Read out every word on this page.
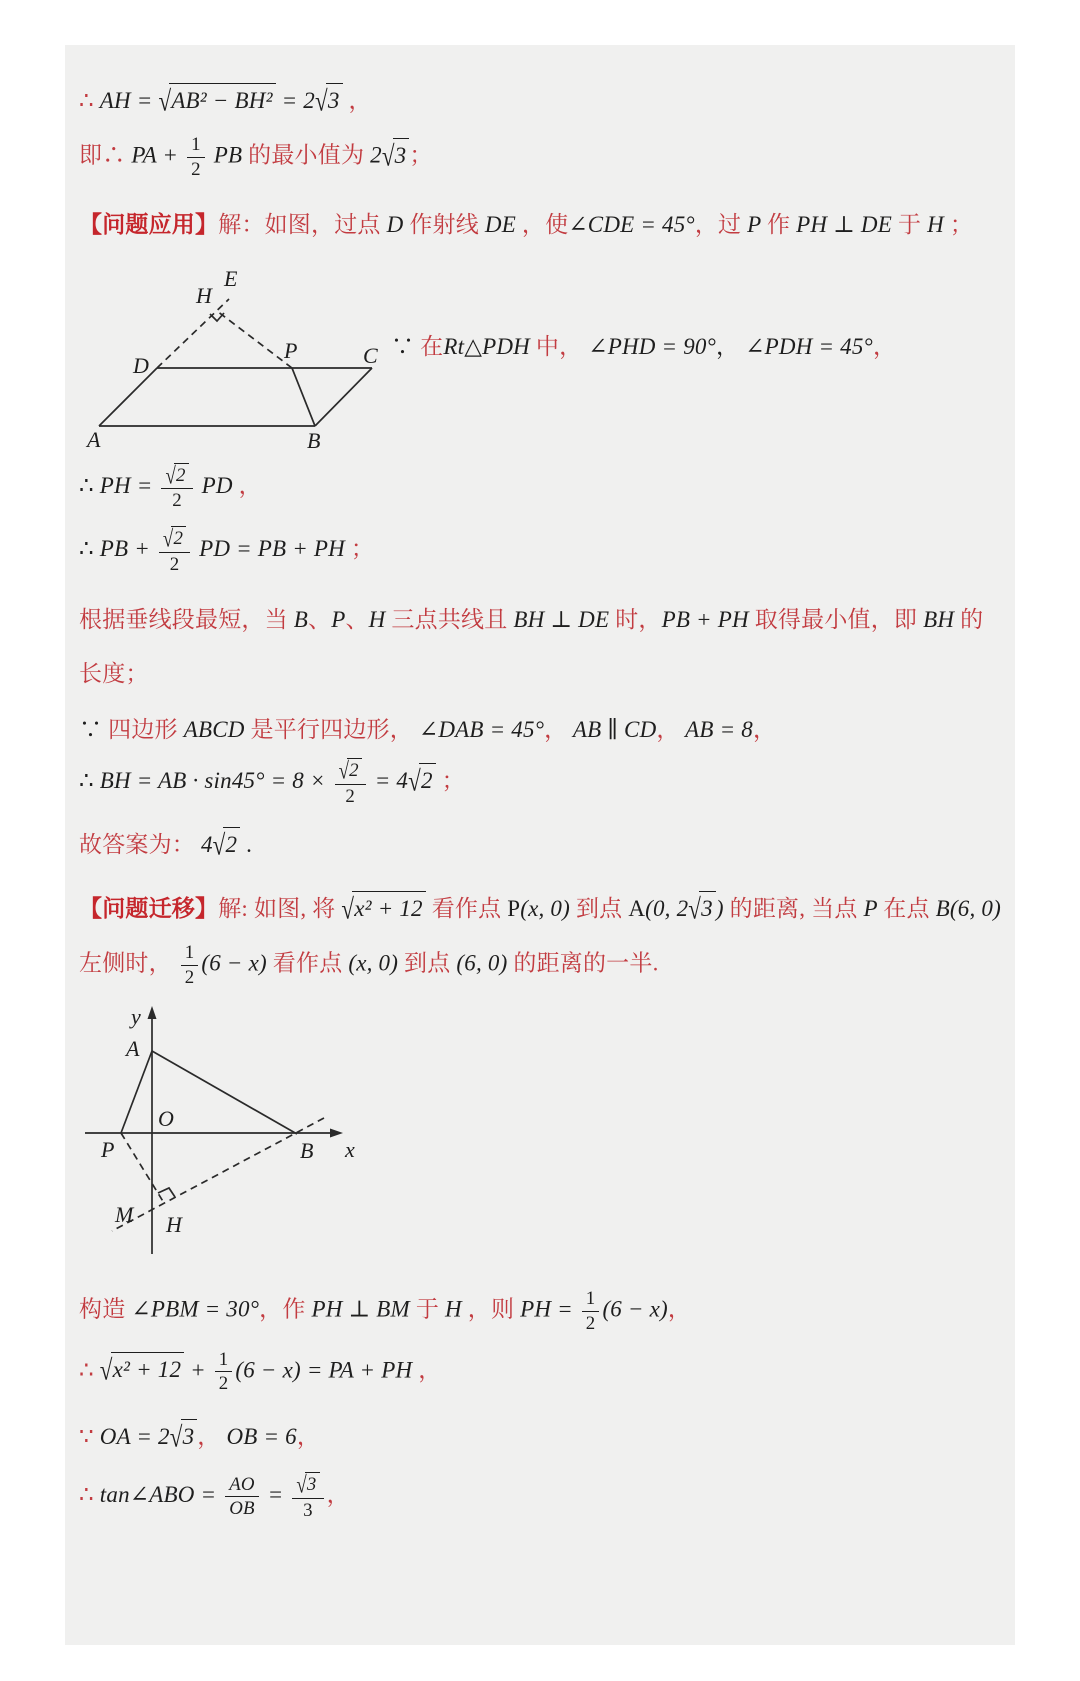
∴ AH = √AB² − BH² = 2√3 ，
即∴ PA + $\frac{1}{2}$ PB 的最小值为 2√3 ；
【问题应用】解：如图，过点 D 作射线 DE ，使∠CDE = 45°，过 P 作 PH ⊥ DE 于 H ；
A	B
C
D
P
H
E
∵ 在Rt△PDH 中， ∠PHD = 90°， ∠PDH = 45°，
∴ PH = $\frac{√2}{2}$ PD ，
∴ PB + $\frac{√2}{2}$ PD = PB + PH ；
根据垂线段最短，当 B、P、H 三点共线且 BH ⊥ DE 时，PB + PH 取得最小值，即 BH 的
长度；
∵ 四边形 ABCD 是平行四边形， ∠DAB = 45°， AB ∥ CD， AB = 8，
∴ BH = AB · $\sin 45^\circ = 8 \times \frac{√2}{2} = 4√2$ ；
故答案为： 4√2 .
【问题迁移】解: 如图, 将 √x² + 12 看作点 P(x, 0) 到点 A(0, 2√3 ) 的距离, 当点 P 在点 B(6, 0)
左侧时， $\frac{1}{2} (6 - x)$ 看作点 (x, 0) 到点 (6, 0) 的距离的一半.
y
x
A
O
P	B
M H
构造 ∠PBM = 30°，作 PH ⊥ BM 于 H ，则 PH = $\frac{1}{2} (6 - x)$，
∴ $√x^2 + 12 + \frac{1}{2} (6 - x)$ = PA + PH ，
∵ OA = 2√3 ， OB = 6，
∴ tan∠ABO = $\frac{AO}{OB} = \frac{√3}{3}$ ，
